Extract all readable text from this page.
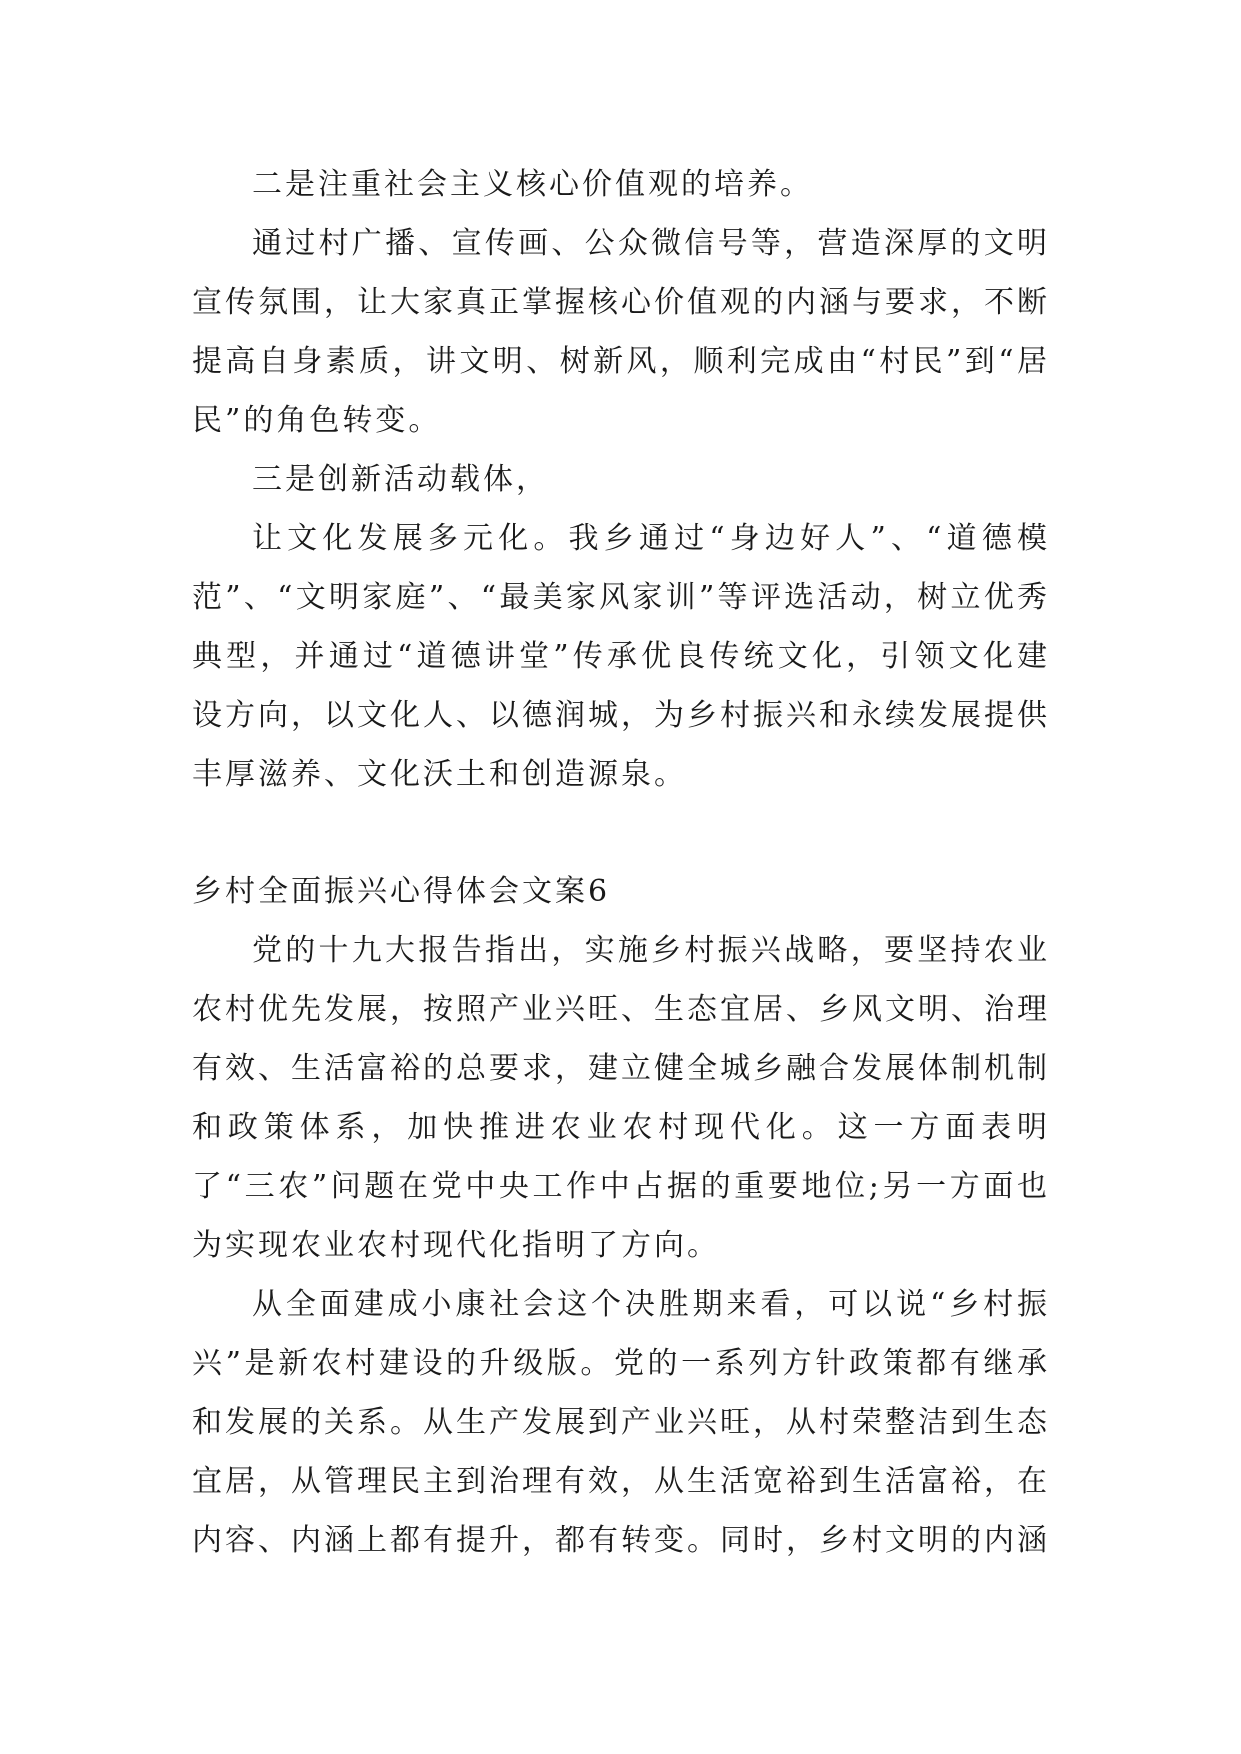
二是注重社会主义核心价值观的培养。

通过村广播、宣传画、公众微信号等，营造深厚的文明宣传氛围，让大家真正掌握核心价值观的内涵与要求，不断提高自身素质，讲文明、树新风，顺利完成由“村民”到“居民”的角色转变。

三是创新活动载体，

让文化发展多元化。我乡通过“身边好人”、“道德模范”、“文明家庭”、“最美家风家训”等评选活动，树立优秀典型，并通过“道德讲堂”传承优良传统文化，引领文化建设方向，以文化人、以德润城，为乡村振兴和永续发展提供丰厚滋养、文化沃土和创造源泉。

乡村全面振兴心得体会文案6

党的十九大报告指出，实施乡村振兴战略，要坚持农业农村优先发展，按照产业兴旺、生态宜居、乡风文明、治理有效、生活富裕的总要求，建立健全城乡融合发展体制机制和政策体系，加快推进农业农村现代化。这一方面表明了“三农”问题在党中央工作中占据的重要地位;另一方面也为实现农业农村现代化指明了方向。

从全面建成小康社会这个决胜期来看，可以说“乡村振兴”是新农村建设的升级版。党的一系列方针政策都有继承和发展的关系。从生产发展到产业兴旺，从村荣整洁到生态宜居，从管理民主到治理有效，从生活宽裕到生活富裕，在内容、内涵上都有提升，都有转变。同时，乡村文明的内涵
